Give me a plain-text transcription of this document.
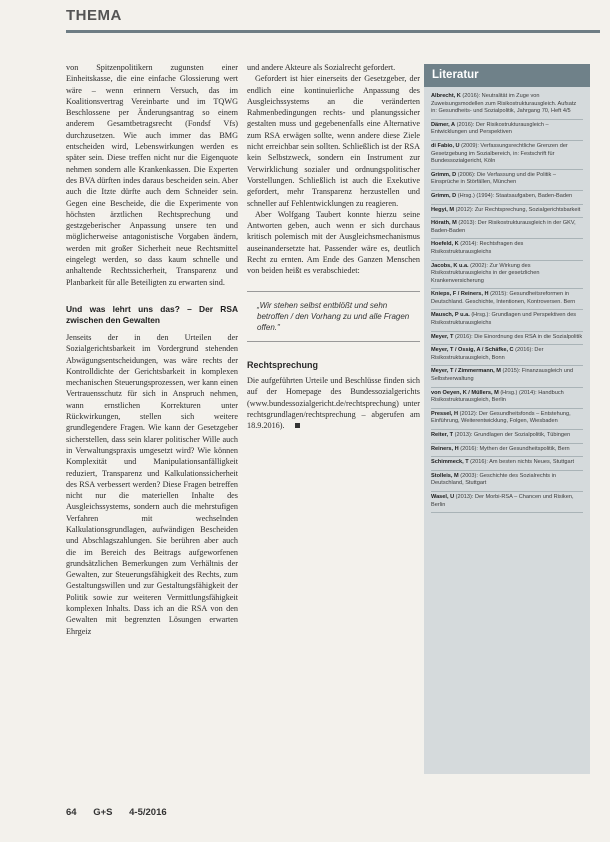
THEMA

von Spitzenpolitikern zugunsten einer Einheitskasse, die eine einfache Glossierung wert wäre – wenn erinnern Versuch, das im Koalitionsvertrag Vereinbarte und im TQWG Beschlossene per Änderungsantrag so einem anderem Gesamtbetragsrecht (Fondsf Vfs) durchzusetzen. Wie auch immer das BMG entscheiden wird, Lebenswirkungen werden es später sein. Diese treffen nicht nur die Eigenquote nehmen sondern alle Krankenkassen. Die Experten des BVA dürften indes daraus bescheiden sein. Aber auch die Itzte dürfte auch dem Schneider sein. Gegen eine Bescheide, die die Experimente von höchsten ärztlichen Rechtsprechung und gestzgeberischer Anpassung unsere ten und möglicherweise antagonistische Vorgaben ändern, werden mit großer Sicherheit neue Rechtsmittel eingelegt werden, so dass kaum schnelle und anhaltende Rechtssicherheit, Transparenz und Planbarkeit für alle Beteiligten zu erwarten sind.

Und was lehrt uns das? – Der RSA zwischen den Gewalten

Jenseits der in den Urteilen der Sozialgerichtsbarkeit im Vordergrund stehenden Abwägungsentscheidungen, was wäre rechts der Kontrolldichte der Gerichtsbarkeit in komplexen mechanischen Steuerungsprozessen, wer kann einen Vertrauensschutz für sich in Anspruch nehmen, wann ernstlichen Korrekturen unter Rückwirkungen, stellen sich weitere grundlegendere Fragen. Wie kann der Gesetzgeber sicherstellen, dass sein klarer politischer Wille auch in Verwaltungspraxis umgesetzt wird? Wie können Komplexität und Manipulationsanfälligkeit reduziert, Transparenz und Kalkulationssicherheit des RSA verbessert werden? Diese Fragen betreffen nicht nur die materiellen Inhalte des Ausgleichssystems, sondern auch die mehrstufigen Verfahren mit wechselnden Kalkulationsgrundlagen, aufwändigen Bescheiden und Abschlagszahlungen. Sie berühren aber auch die im Bereich des Beitrags aufgeworfenen grundsätzlichen Bemerkungen zum Verhältnis der Gewalten, zur Steuerungsfähigkeit des Rechts, zum Gestaltungswillen und zur Gestaltungsfähigkeit der Politik sowie zur weiteren Vermittlungsfähigkeit komplexen Inhalts. Dass ich an die RSA von den Gewalten mit begrenzten Lösungen erwarten Ehrgeiz

und andere Akteure als Sozialrecht gefordert.

Gefordert ist hier einerseits der Gesetzgeber, der endlich eine kontinuierliche Anpassung des Ausgleichssystems an die veränderten Rahmenbedingungen rechts- und planungssicher gestalten muss und gegebenenfalls eine Alternative zum RSA erwägen sollte, wenn andere diese Ziele nicht erreichbar sein sollten. Schließlich ist der RSA kein Selbstzweck, sondern ein Instrument zur Verwirklichung sozialer und ordnungspolitischer Vorstellungen. Schließlich ist auch die Exekutive gefordert, mehr Transparenz herzustellen und schneller auf Fehlentwicklungen zu reagieren.

Aber Wolfgang Taubert konnte hierzu seine Antworten geben, auch wenn er sich durchaus kritisch polemisch mit der Ausgleichsmechanismus auseinandersetzte hat. Passender wäre es, deutlich Recht zu ernten. Am Ende des Ganzen Menschen von beiden heißt es verabschiedet:

„Wir stehen selbst entblößt und sehn betroffen / den Vorhang zu und alle Fragen offen."
Rechtsprechung

Die aufgeführten Urteile und Beschlüsse finden sich auf der Homepage des Bundessozialgerichts (www.bundessozialgericht.de/rechtsprechung) unter rechtsgrundlagen/rechtsprechung – abgerufen am 18.9.2016).

Literatur
Albrecht, K (2016): Neutralität im Zuge von Zuweisungsmodellen zum Risikostrukturausgleich. Aufsatz in: Gesundheits- und Sozialpolitik, Jahrgang 70, Heft 4/5
Dämer, A (2016): Der Risikostrukturausgleich – Entwicklungen und Perspektiven
di Fabio, U (2009): Verfassungsrechtliche Grenzen der Gesetzgebung im Sozialbereich, in: Festschrift für Bundessozialgericht, Köln
Grimm, D (2006): Die Verfassung und die Politik – Einsprüche in Störfällen, München
Grimm, D (Hrsg.) (1994): Staatsaufgaben, Baden-Baden
Hegyi, M (2012): Zur Rechtsprechung, Sozialgerichtsbarkeit
Hörath, M (2013): Der Risikostrukturausgleich in der GKV, Baden-Baden
Hoefeld, K (2014): Rechtsfragen des Risikostrukturausgleichs
Jacobs, K u.a. (2002): Zur Wirkung des Risikostrukturausgleichs in der gesetzlichen Krankenversicherung
Knieps, F / Reiners, H (2015): Gesundheitsreformen in Deutschland. Geschichte, Intentionen, Kontroversen. Bern
Mausch, P u.a. (Hrsg.): Grundlagen und Perspektiven des Risikostrukturausgleichs
Meyer, T (2016): Die Einordnung des RSA in die Sozialpolitik
Meyer, T / Ossig, A / Schäfke, C (2016): Der Risikostrukturausgleich, Bonn
Meyer, T / Zimmermann, M (2015): Finanzausgleich und Selbstverwaltung
von Oeyen, K / Müllers, M (Hrsg.) (2014): Handbuch Risikostrukturausgleich, Berlin
Pressel, H (2012): Der Gesundheitsfonds – Entstehung, Einführung, Weiterentwicklung, Folgen, Wiesbaden
Reiter, T (2013): Grundlagen der Sozialpolitik, Tübingen
Reiners, H (2016): Mythen der Gesundheitspolitik, Bern
Schimmeck, T (2016): Am besten nichts Neues, Stuttgart
Stolleis, M (2003): Geschichte des Sozialrechts in Deutschland, Stuttgart
Wasel, U (2013): Der Morbi-RSA – Chancen und Risiken, Berlin
64 G+S 4-5/2016
